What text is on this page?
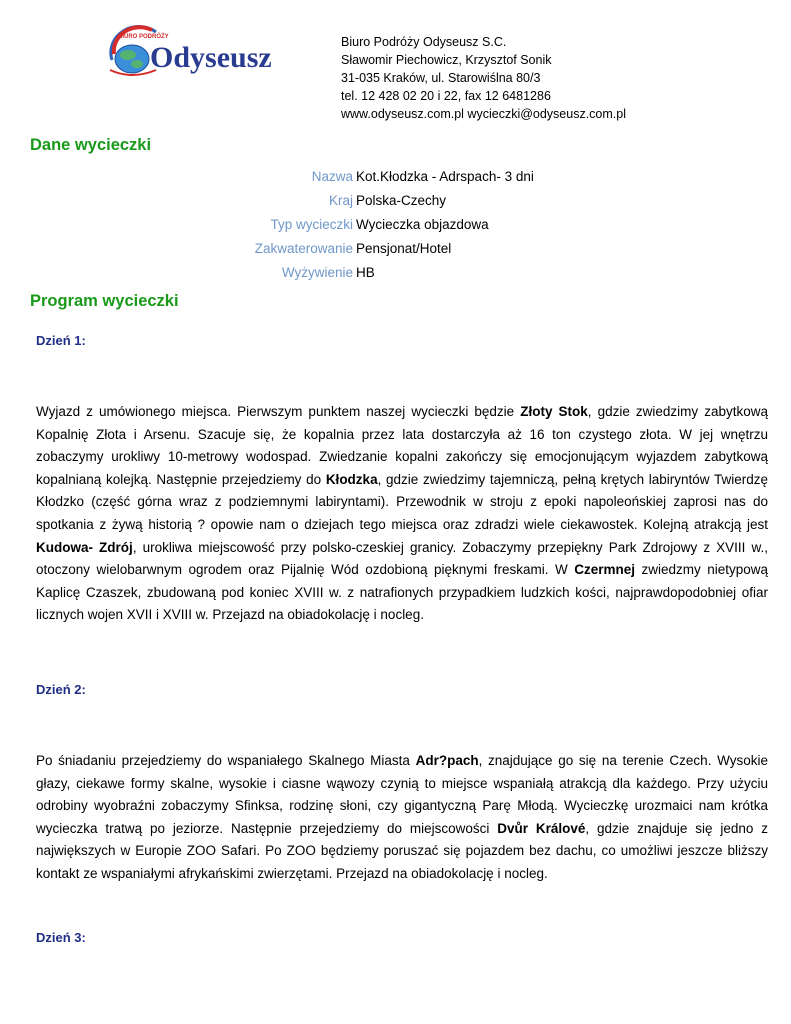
BIURO PODRÓŻY
Odyseusz	Biuro Podróży Odyseusz S.C.
Sławomir Piechowicz, Krzysztof Sonik
31-035 Kraków, ul. Starowiślna 80/3
tel. 12 428 02 20 i 22, fax 12 6481286
www.odyseusz.com.pl wycieczki@odyseusz.com.pl
Dane wycieczki
Nazwa Kot.Kłodzka - Adrspach- 3 dni
Kraj Polska-Czechy
Typ wycieczki Wycieczka objazdowa
Zakwaterowanie Pensjonat/Hotel
Wyżywienie HB
Program wycieczki
Dzień 1:

Wyjazd z umówionego miejsca. Pierwszym punktem naszej wycieczki będzie Złoty Stok, gdzie zwiedzimy zabytkową Kopalnię Złota i Arsenu. Szacuje się, że kopalnia przez lata dostarczyła aż 16 ton czystego złota. W jej wnętrzu zobaczymy urokliwy 10-metrowy wodospad. Zwiedzanie kopalni zakończy się emocjonującym wyjazdem zabytkową kopalnianą kolejką. Następnie przejedziemy do Kłodzka, gdzie zwiedzimy tajemniczą, pełną krętych labiryntów Twierdzę Kłodzko (część górna wraz z podziemnymi labiryntami). Przewodnik w stroju z epoki napoleońskiej zaprosi nas do spotkania z żywą historią ? opowie nam o dziejach tego miejsca oraz zdradzi wiele ciekawostek. Kolejną atrakcją jest Kudowa- Zdrój, urokliwa miejscowość przy polsko-czeskiej granicy. Zobaczymy przepiękny Park Zdrojowy z XVIII w., otoczony wielobarwnym ogrodem oraz Pijalnię Wód ozdobioną pięknymi freskami. W Czermnej zwiedzmy nietypową Kaplicę Czaszek, zbudowaną pod koniec XVIII w. z natrafionych przypadkiem ludzkich kości, najprawdopodobniej ofiar licznych wojen XVII i XVIII w. Przejazd na obiadokolację i nocleg.

Dzień 2:

Po śniadaniu przejedziemy do wspaniałego Skalnego Miasta Adr?pach, znajdujące go się na terenie Czech. Wysokie głazy, ciekawe formy skalne, wysokie i ciasne wąwozy czynią to miejsce wspaniałą atrakcją dla każdego. Przy użyciu odrobiny wyobraźni zobaczymy Sfinksa, rodzinę słoni, czy gigantyczną Parę Młodą. Wycieczkę urozmaici nam krótka wycieczka tratwą po jeziorze. Następnie przejedziemy do miejscowości Dvůr Králové, gdzie znajduje się jedno z największych w Europie ZOO Safari. Po ZOO będziemy poruszać się pojazdem bez dachu, co umożliwi jeszcze bliższy kontakt ze wspaniałymi afrykańskimi zwierzętami. Przejazd na obiadokolację i nocleg.

Dzień 3:
